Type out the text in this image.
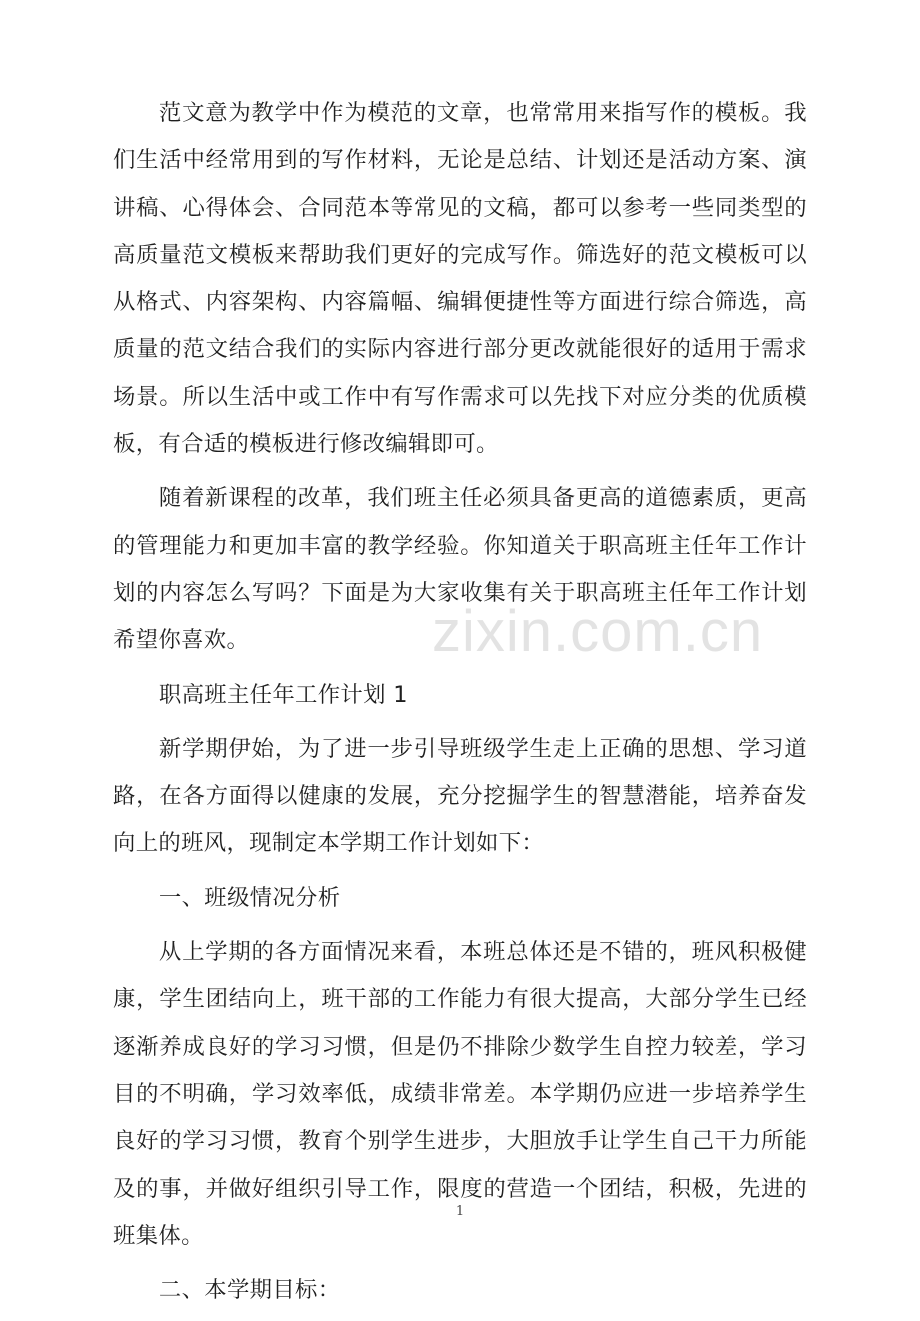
zixin.com.cn

范文意为教学中作为模范的文章，也常常用来指写作的模板。我们生活中经常用到的写作材料，无论是总结、计划还是活动方案、演讲稿、心得体会、合同范本等常见的文稿，都可以参考一些同类型的高质量范文模板来帮助我们更好的完成写作。筛选好的范文模板可以从格式、内容架构、内容篇幅、编辑便捷性等方面进行综合筛选，高质量的范文结合我们的实际内容进行部分更改就能很好的适用于需求场景。所以生活中或工作中有写作需求可以先找下对应分类的优质模板，有合适的模板进行修改编辑即可。

随着新课程的改革，我们班主任必须具备更高的道德素质，更高的管理能力和更加丰富的教学经验。你知道关于职高班主任年工作计划的内容怎么写吗？下面是为大家收集有关于职高班主任年工作计划 希望你喜欢。

职高班主任年工作计划 1

新学期伊始，为了进一步引导班级学生走上正确的思想、学习道路，在各方面得以健康的发展，充分挖掘学生的智慧潜能，培养奋发向上的班风，现制定本学期工作计划如下：

一、班级情况分析

从上学期的各方面情况来看，本班总体还是不错的，班风积极健康，学生团结向上，班干部的工作能力有很大提高，大部分学生已经逐渐养成良好的学习习惯，但是仍不排除少数学生自控力较差，学习目的不明确，学习效率低，成绩非常差。本学期仍应进一步培养学生良好的学习习惯，教育个别学生进步，大胆放手让学生自己干力所能及的事，并做好组织引导工作，限度的营造一个团结，积极，先进的班集体。

二、本学期目标：

1
